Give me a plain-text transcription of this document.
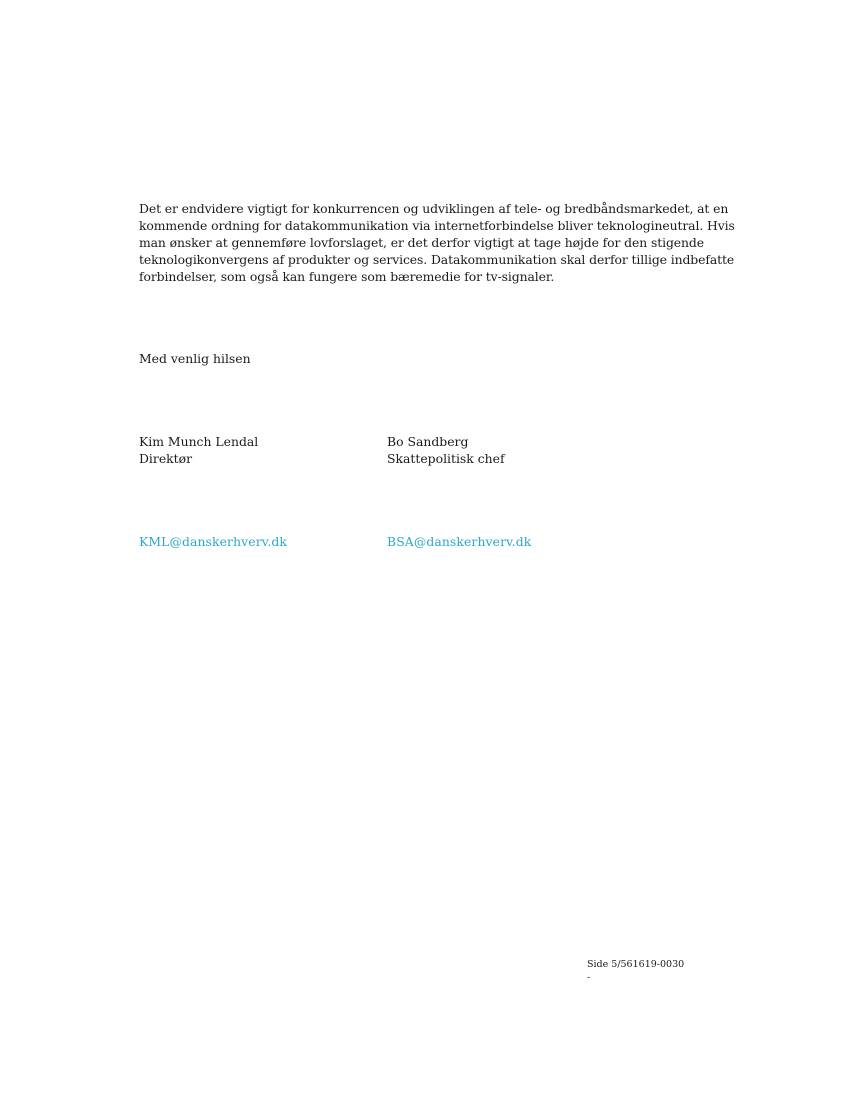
Det er endvidere vigtigt for konkurrencen og udviklingen af tele- og bredbåndsmarkedet, at en
kommende ordning for datakommunikation via internetforbindelse bliver teknologineutral. Hvis
man ønsker at gennemføre lovforslaget, er det derfor vigtigt at tage højde for den stigende
teknologikonvergens af produkter og services. Datakommunikation skal derfor tillige indbefatte
forbindelser, som også kan fungere som bæremedie for tv-signaler.

Med venlig hilsen

Kim Munch Lendal
Direktør
Bo Sandberg
Skattepolitisk chef
KML@danskerhverv.dk	BSA@danskerhverv.dk
Side 5/561619-0030
-
